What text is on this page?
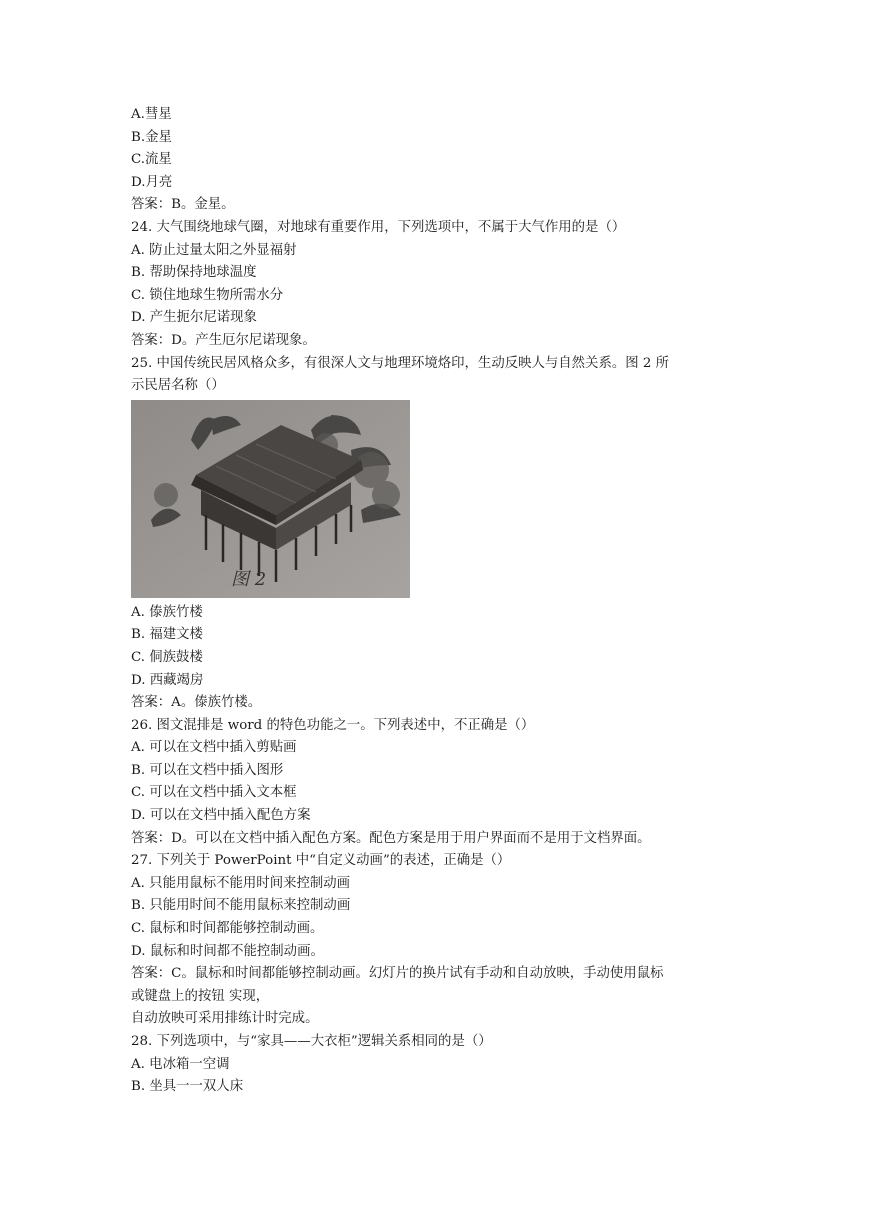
A.彗星
B.金星
C.流星
D.月亮
答案：B。金星。
24. 大气围绕地球气圈，对地球有重要作用，下列选项中，不属于大气作用的是（）
A. 防止过量太阳之外显福射
B. 帮助保持地球温度
C. 锁住地球生物所需水分
D. 产生扼尔尼诺现象
答案：D。产生厄尔尼诺现象。
25. 中国传统民居风格众多，有很深人文与地理环境烙印，生动反映人与自然关系。图 2 所
示民居名称（）
图 2
A. 傣族竹楼
B. 福建文楼
C. 侗族鼓楼
D. 西藏竭房
答案：A。傣族竹楼。
26. 图文混排是 word 的特色功能之一。下列表述中，不正确是（）
A. 可以在文档中插入剪贴画
B. 可以在文档中插入图形
C. 可以在文档中插入文本框
D. 可以在文档中插入配色方案
答案：D。可以在文档中插入配色方案。配色方案是用于用户界面而不是用于文档界面。
27. 下列关于 PowerPoint 中“自定义动画”的表述，正确是（）
A. 只能用鼠标不能用时间来控制动画
B. 只能用时间不能用鼠标来控制动画
C. 鼠标和时间都能够控制动画。
D. 鼠标和时间都不能控制动画。
答案：C。鼠标和时间都能够控制动画。幻灯片的换片试有手动和自动放映，手动使用鼠标
或键盘上的按钮 实现，
自动放映可采用排练计时完成。
28. 下列选项中，与“家具——大衣柜”逻辑关系相同的是（）
A. 电冰箱一空调
B. 坐具一一双人床
